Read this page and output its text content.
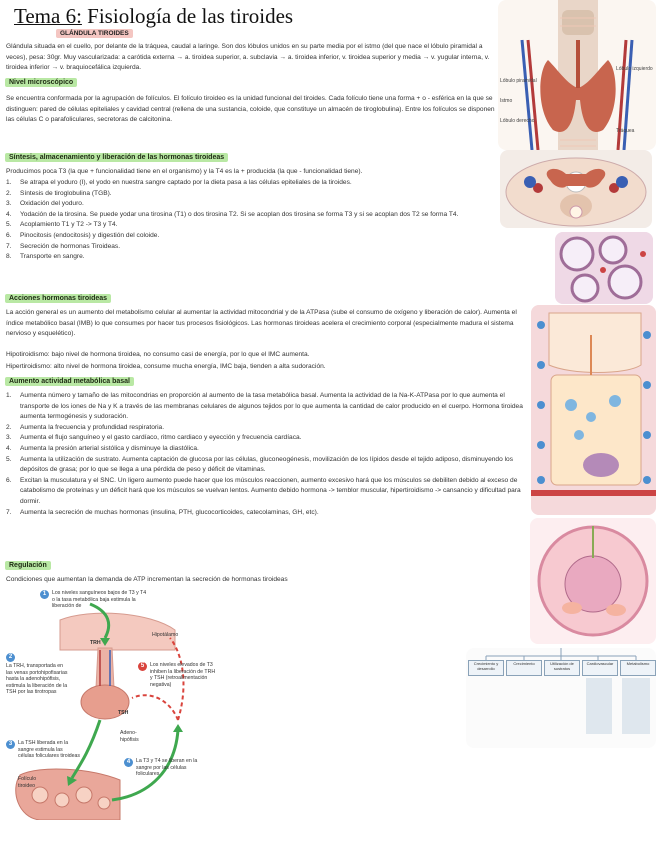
Tema 6: Fisiología de las tiroides
GLÁNDULA TIROIDES
Glándula situada en el cuello, por delante de la tráquea, caudal a laringe. Son dos lóbulos unidos en su parte media por el istmo (del que nace el lóbulo piramidal a veces), pesa: 30gr. Muy vascularizada: a carótida externa → a. tiroidea superior, a. subclavia → a. tiroidea inferior, v. tiroidea superior y media → v. yugular interna, v. tiroidea inferior → v. braquiocefálica izquierda.
Nivel microscópico
Se encuentra conformada por la agrupación de folículos. El folículo tiroideo es la unidad funcional del tiroides. Cada folículo tiene una forma + o - esférica en la que se distinguen: pared de células epiteliales y cavidad central (rellena de una sustancia, coloide, que constituye un almacén de tiroglobulina). Entre los folículos se disponen las células C o parafoliculares, secretoras de calcitonina.
Síntesis, almacenamiento y liberación de las hormonas tiroideas
Producimos poca T3 (la que + funcionalidad tiene en el organismo) y la T4 es la + producida (la que - funcionalidad tiene).
1. Se atrapa el yoduro (I), el yodo en nuestra sangre captado por la dieta pasa a las células epiteliales de la tiroides.
2. Síntesis de tiroglobulina (TGB).
3. Oxidación del yoduro.
4. Yodación de la tirosina. Se puede yodar una tirosina (T1) o dos tirosina T2. Si se acoplan dos tirosina se forma T3 y si se acoplan dos T2 se forma T4.
5. Acoplamiento T1 y T2 -> T3 y T4.
6. Pinocitosis (endocitosis) y digestión del coloide.
7. Secreción de hormonas Tiroideas.
8. Transporte en sangre.
Acciones hormonas tiroideas
La acción general es un aumento del metabolismo celular al aumentar la actividad mitocondrial y de la ATPasa (sube el consumo de oxígeno y liberación de calor). Aumenta el índice metabólico basal (IMB) lo que consumes por hacer tus procesos fisiológicos. Las hormonas tiroideas acelera el crecimiento corporal (especialmente madura el sistema nervioso y esquelético).
Hipotiroidismo: bajo nivel de hormona tiroidea, no consumo casi de energía, por lo que el IMC aumenta.
Hipertiroidismo: alto nivel de hormona tiroidea, consume mucha energía, IMC baja, tienden a alta sudoración.
Aumento actividad metabólica basal
1. Aumenta número y tamaño de las mitocondrias en proporción al aumento de la tasa metabólica basal. Aumenta la actividad de la Na-K-ATPasa por lo que aumenta el transporte de los iones de Na y K a través de las membranas celulares de algunos tejidos por lo que aumenta la cantidad de calor producido en el cuerpo. Hormona tiroidea aumenta termogénesis y sudoración.
2. Aumenta la frecuencia y profundidad respiratoria.
3. Aumenta el flujo sanguíneo y el gasto cardíaco, ritmo cardiaco y eyección y frecuencia cardíaca.
4. Aumenta la presión arterial sistólica y disminuye la diastólica.
5. Aumenta la utilización de sustrato. Aumenta captación de glucosa por las células, gluconeogénesis, movilización de los lípidos desde el tejido adiposo, disminuyendo los depósitos de grasa; por lo que se llega a una pérdida de peso y déficit de vitaminas.
6. Excitan la musculatura y el SNC. Un ligero aumento puede hacer que los músculos reaccionen, aumento excesivo hará que los músculos se debiliten debido al exceso de catabolismo de proteínas y un déficit hará que los músculos se vuelvan lentos. Aumento debido hormona -> temblor muscular, hipertiroidismo -> cansancio y dificultad para dormir.
7. Aumenta la secreción de muchas hormonas (insulina, PTH, glucocorticoides, catecolaminas, GH, etc).
Regulación
Condiciones que aumentan la demanda de ATP incrementan la secreción de hormonas tiroideas
Lóbulo piramidal
Istmo
Tráquea
Lóbulo izquierdo
Lóbulo derecho
Crecimiento y desarrollo
Crecimiento	Utilización de sustratos
Cardiovascular	Metabolismo
1	Los niveles sanguíneos bajos de T3 y T4 o la tasa metabólica baja estimula la liberación de
Hipotálamo
TRH
2
La TRH, transportada en las venas portohipofisarias hasta la adenohipófisis, estimula la liberación de la TSH por las tirotropas
TSH
5	Los niveles elevados de T3 inhiben la liberación de TRH y TSH (retroalimentación negativa)
Adeno-hipófisis
3	La TSH liberada en la sangre estimula las células foliculares tiroideas
Folículo tiroideo
4	La T3 y T4 se liberan en la sangre por las células foliculares
